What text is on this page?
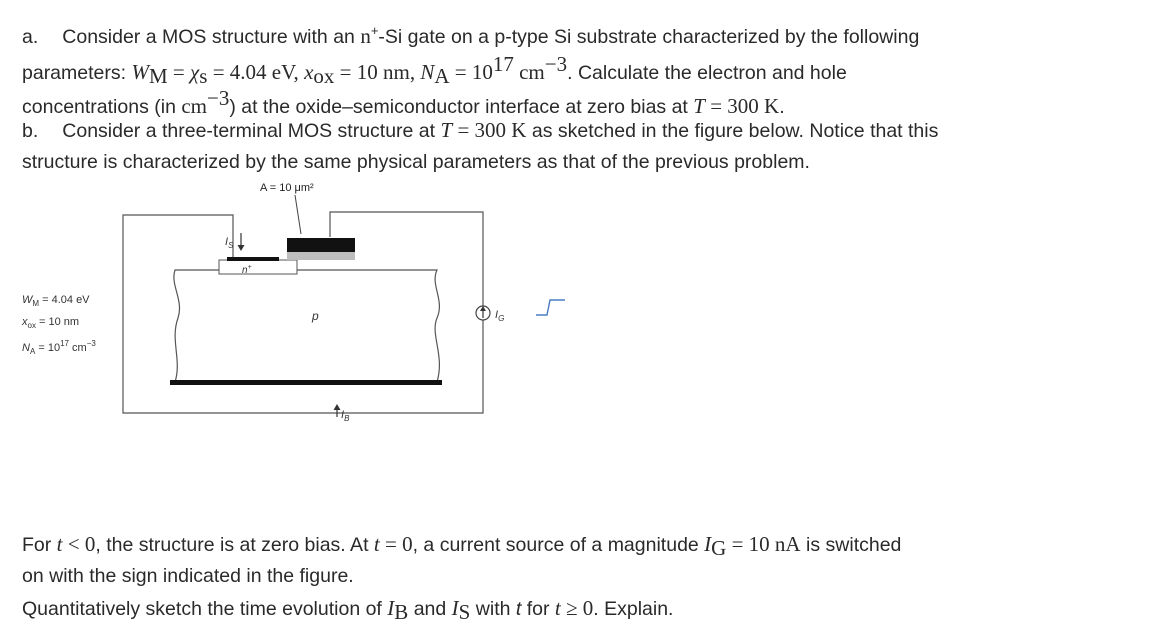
a. Consider a MOS structure with an n+-Si gate on a p-type Si substrate characterized by the following
parameters: $W_M = \chi_s = 4.04$ eV, $x_{ox} = 10$ nm, $N_A = 10^{17}$ $cm^{-3}$. Calculate the electron and hole
concentrations (in $cm^{-3}$) at the oxide–semiconductor interface at zero bias at T = 300 K.
b. Consider a three-terminal MOS structure at T = 300 K as sketched in the figure below. Notice that this
structure is characterized by the same physical parameters as that of the previous problem.
A = 10 μm²
n+
p
$I_S$
$I_B$
$I_G$
$W_M = 4.04$ eV
$x_{ox} = 10$ nm
$N_A = 10^{17}$ $cm^{-3}$
For t < 0, the structure is at zero bias. At t = 0, a current source of a magnitude $I_G = 10$ nA is switched
on with the sign indicated in the figure.
Quantitatively sketch the time evolution of $I_B$ and $I_S$ with t for t ≥ 0. Explain.
